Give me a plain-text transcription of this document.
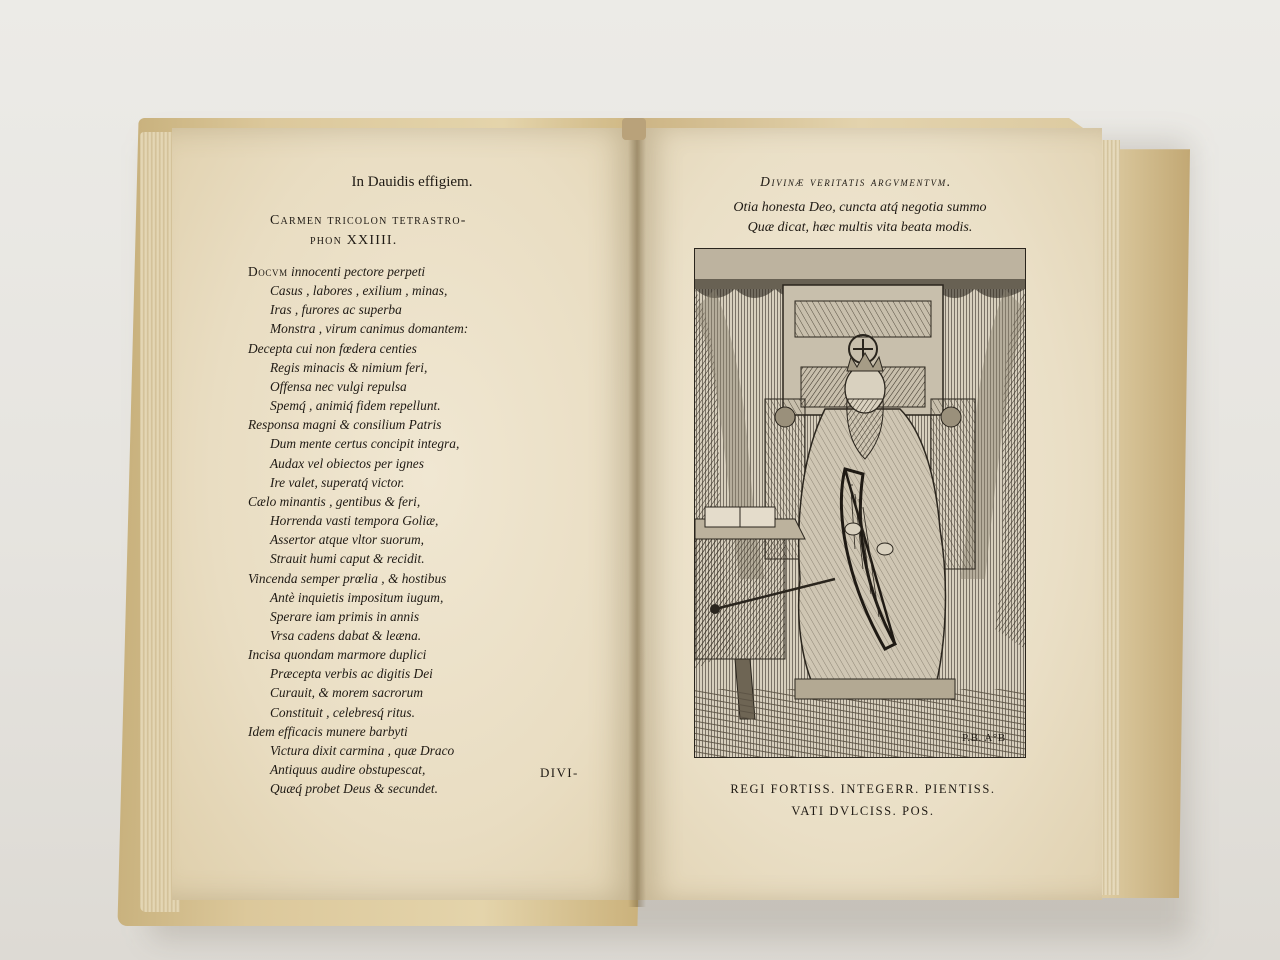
In Dauidis effigiem.
Carmen tricolon tetrastro-
phon XXIIII.
Docvm innocenti pectore perpeti
Casus , labores , exilium , minas,
Iras , furores ac superba
Monstra , virum canimus domantem:
Decepta cui non fœdera centies
Regis minacis & nimium feri,
Offensa nec vulgi repulsa
Spemq́ , animiq́ fidem repellunt.
Responsa magni & consilium Patris
Dum mente certus concipit integra,
Audax vel obiectos per ignes
Ire valet, superatq́ victor.
Cælo minantis , gentibus & feri,
Horrenda vasti tempora Goliæ,
Assertor atque vltor suorum,
Strauit humi caput & recidit.
Vincenda semper prœlia , & hostibus
Antè inquietis impositum iugum,
Sperare iam primis in annis
Vrsa cadens dabat & leæna.
Incisa quondam marmore duplici
Præcepta verbis ac digitis Dei
Curauit, & morem sacrorum
Constituit , celebresq́ ritus.
Idem efficacis munere barbyti
Victura dixit carmina , quæ Draco
Antiquus audire obstupescat,
Quæq́ probet Deus & secundet.
DIVI-
Divinæ veritatis argvmentvm.
Otia honesta Deo, cuncta atq́ negotia summo
Quæ dicat, hæc multis vita beata modis.
P.B. A°B
REGI FORTISS. INTEGERR. PIENTISS.
VATI DVLCISS. POS.
